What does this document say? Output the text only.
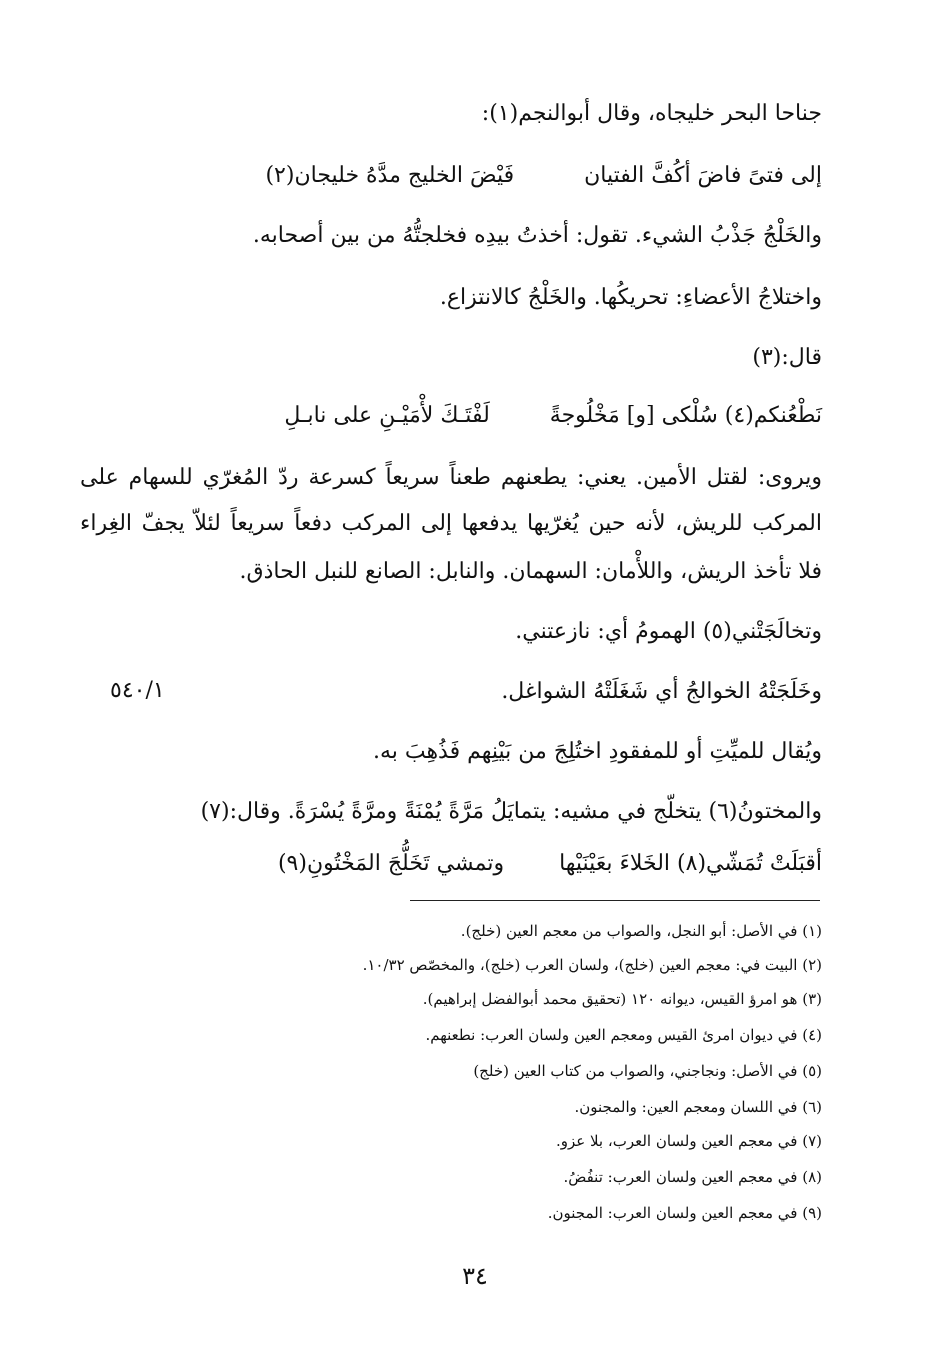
جناحا البحر خليجاه، وقال أبوالنجم(١):
إلى فتىً فاضَ أكُفَّ الفتيان
فَيْضَ الخليج مدَّهُ خليجان(٢)
والخَلْجُ جَذْبُ الشيء. تقول: أخذتُ بيدِه فخلجتُّهُ من بين أصحابه.
واختلاجُ الأعضاءِ: تحريكُها. والخَلْجُ كالانتزاع.
قال:(٣)
نَطْعُنكم(٤) سُلْكى [و] مَخْلُوجةً
لَفْتَـكَ لأْمَيْـنِ على نابـلِ
ويروى: لقتل الأمين. يعني: يطعنهم طعناً سريعاً كسرعة ردّ المُغرّي للسهام على
المركب للريش، لأنه حين يُغرّيها يدفعها إلى المركب دفعاً سريعاً لئلاّ يجفّ الغِراء
فلا تأخذ الريش، واللأْمان: السهمان. والنابل: الصانع للنبل الحاذق.
وتخالَجَتْني(٥) الهمومُ أي: نازعتني.
وخَلَجَتْهُ الخوالجُ أي شَغَلَتْهُ الشواغل.
٥٤٠/١
ويُقال للميِّتِ أو للمفقودِ اختُلِجَ من بَيْنِهم فَذُهِبَ به.
والمختونُ(٦) يتخلّج في مشيه: يتمايَلُ مَرَّةً يُمْنَةً ومرَّةً يُسْرَةً. وقال:(٧)
أقبَلَتْ تُمَشّي(٨) الخَلاءَ بعَيْنَيْها
وتمشي تَخَلُّجَ المَخْتُونِ(٩)
(١) في الأصل: أبو النجل، والصواب من معجم العين (خلج).
(٢) البيت في: معجم العين (خلج)، ولسان العرب (خلج)، والمخصّص ١٠/٣٢.
(٣) هو امرؤ القيس، ديوانه ١٢٠ (تحقيق محمد أبوالفضل إبراهيم).
(٤) في ديوان امرئ القيس ومعجم العين ولسان العرب: نطعنهم.
(٥) في الأصل: ونجاجني، والصواب من كتاب العين (خلج)
(٦) في اللسان ومعجم العين: والمجنون.
(٧) في معجم العين ولسان العرب، بلا عزو.
(٨) في معجم العين ولسان العرب: تنفُضُ.
(٩) في معجم العين ولسان العرب: المجنون.
٣٤
